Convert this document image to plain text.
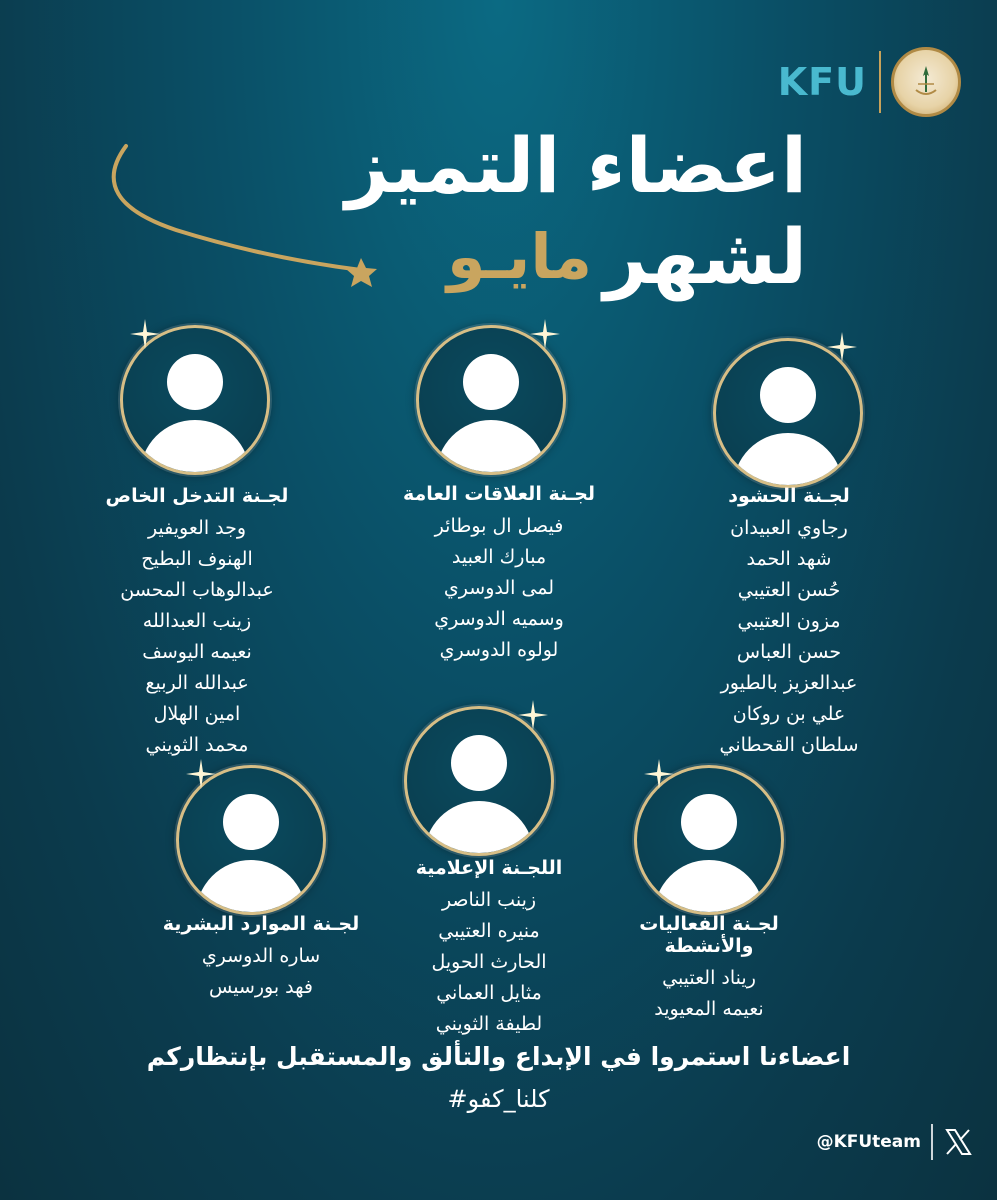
KFU
اعضاء التميز لشهر
مايـو
لجـنة الحشود
رجاوي العبيدان
شهد الحمد
حُسن العتيبي
مزون العتيبي
حسن العباس
عبدالعزيز بالطيور
علي بن روكان
سلطان القحطاني
لجـنة العلاقات العامة
فيصل ال بوطائر
مبارك العبيد
لمى الدوسري
وسميه الدوسري
لولوه الدوسري
لجـنة التدخل الخاص
وجد العويفير
الهنوف البطيح
عبدالوهاب المحسن
زينب العبدالله
نعيمه اليوسف
عبدالله الربيع
امين الهلال
محمد الثويني
لجـنة الفعاليات والأنشطة
ريناد العتيبي
نعيمه المعيويد
اللجـنة الإعلامية
زينب الناصر
منيره العتيبي
الحارث الحويل
مثايل العماني
لطيفة الثويني
لجـنة الموارد البشرية
ساره الدوسري
فهد بورسيس
اعضاءنا استمروا في الإبداع والتألق والمستقبل بإنتظاركم
#كلنا_كفو
@KFUteam
